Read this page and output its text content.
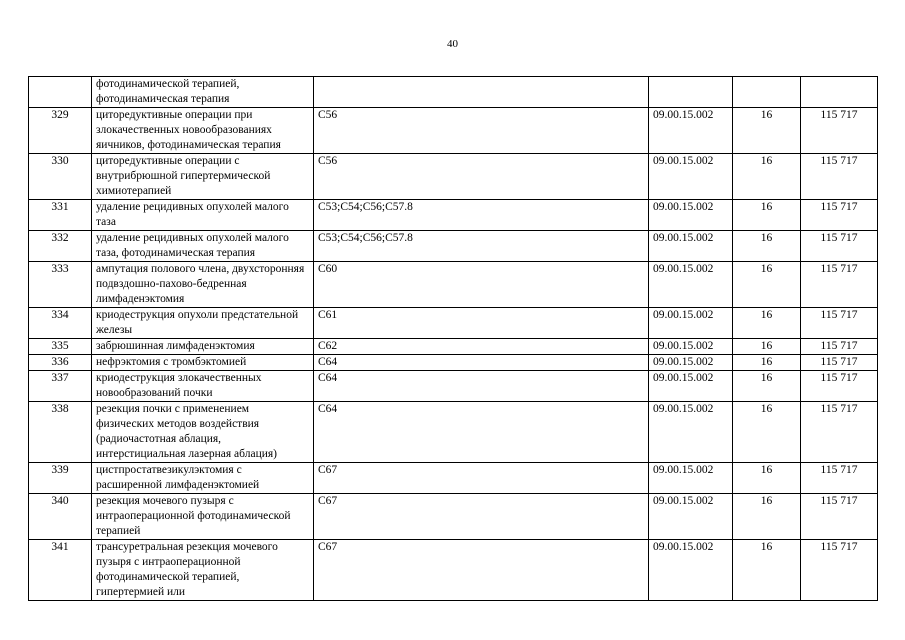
40
	фотодинамической терапией, фотодинамическая терапия				
329	циторедуктивные операции при злокачественных новообразованиях яичников, фотодинамическая терапия	C56	09.00.15.002	16	115 717
330	циторедуктивные операции с внутрибрюшной гипертермической химиотерапией	C56	09.00.15.002	16	115 717
331	удаление рецидивных опухолей малого таза	C53;C54;C56;C57.8	09.00.15.002	16	115 717
332	удаление рецидивных опухолей малого таза, фотодинамическая терапия	C53;C54;C56;C57.8	09.00.15.002	16	115 717
333	ампутация полового члена, двухсторонняя подвздошно-пахово-бедренная лимфаденэктомия	C60	09.00.15.002	16	115 717
334	криодеструкция опухоли предстательной железы	C61	09.00.15.002	16	115 717
335	забрюшинная лимфаденэктомия	C62	09.00.15.002	16	115 717
336	нефрэктомия с тромбэктомией	C64	09.00.15.002	16	115 717
337	криодеструкция злокачественных новообразований почки	C64	09.00.15.002	16	115 717
338	резекция почки с применением физических методов воздействия (радиочастотная аблация, интерстициальная лазерная аблация)	C64	09.00.15.002	16	115 717
339	цистпростатвезикулэктомия с расширенной лимфаденэктомией	C67	09.00.15.002	16	115 717
340	резекция мочевого пузыря с интраоперационной фотодинамической терапией	C67	09.00.15.002	16	115 717
341	трансуретральная резекция мочевого пузыря с интраоперационной фотодинамической терапией, гипертермией или	C67	09.00.15.002	16	115 717
